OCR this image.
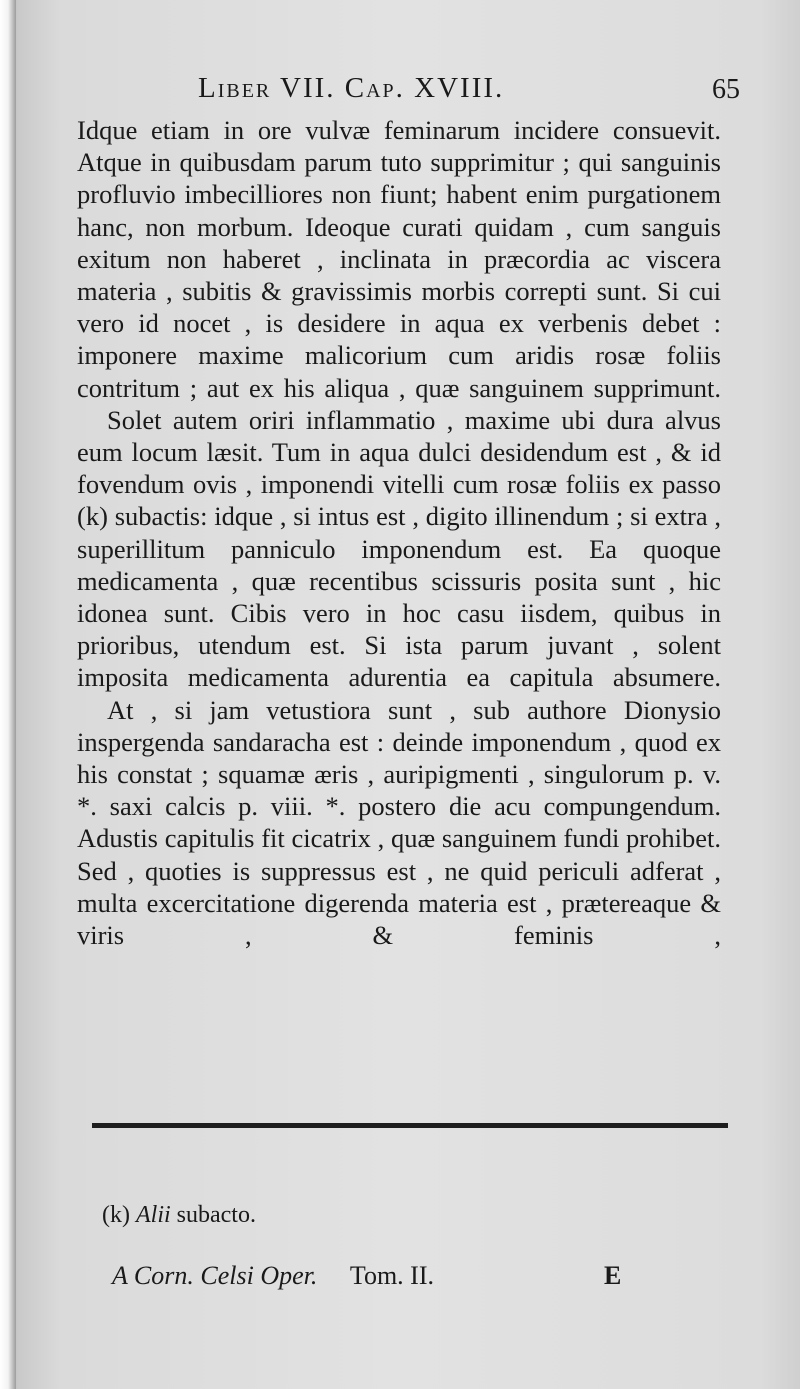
Liber VII. Cap. XVIII.	65

Idque etiam in ore vulvæ feminarum incidere consuevit. Atque in quibusdam parum tuto supprimitur ; qui sanguinis profluvio imbecilliores non fiunt; habent enim purgationem hanc, non morbum. Ideoque curati quidam , cum sanguis exitum non haberet , inclinata in præcordia ac viscera materia , subitis & gravissimis morbis correpti sunt. Si cui vero id nocet , is desidere in aqua ex verbenis debet : imponere maxime malicorium cum aridis rosæ foliis contritum ; aut ex his aliqua , quæ sanguinem supprimunt.

Solet autem oriri inflammatio , maxime ubi dura alvus eum locum læsit. Tum in aqua dulci desidendum est , & id fovendum ovis , imponendi vitelli cum rosæ foliis ex passo (k) subactis: idque , si intus est , digito illinendum ; si extra , superillitum panniculo imponendum est. Ea quoque medicamenta , quæ recentibus scissuris posita sunt , hic idonea sunt. Cibis vero in hoc casu iisdem, quibus in prioribus, utendum est. Si ista parum juvant , solent imposita medicamenta adurentia ea capitula absumere.

At , si jam vetustiora sunt , sub authore Dionysio inspergenda sandaracha est : deinde imponendum , quod ex his constat ; squamæ æris , auripigmenti , singulorum p. v. *. saxi calcis p. viii. *. postero die acu compungendum. Adustis capitulis fit cicatrix , quæ sanguinem fundi prohibet. Sed , quoties is suppressus est , ne quid periculi adferat , multa excercitatione digerenda materia est , prætereaque & viris , & feminis ,

(k) Alii subacto.
A Corn. Celsi Oper. Tom. II.	E
